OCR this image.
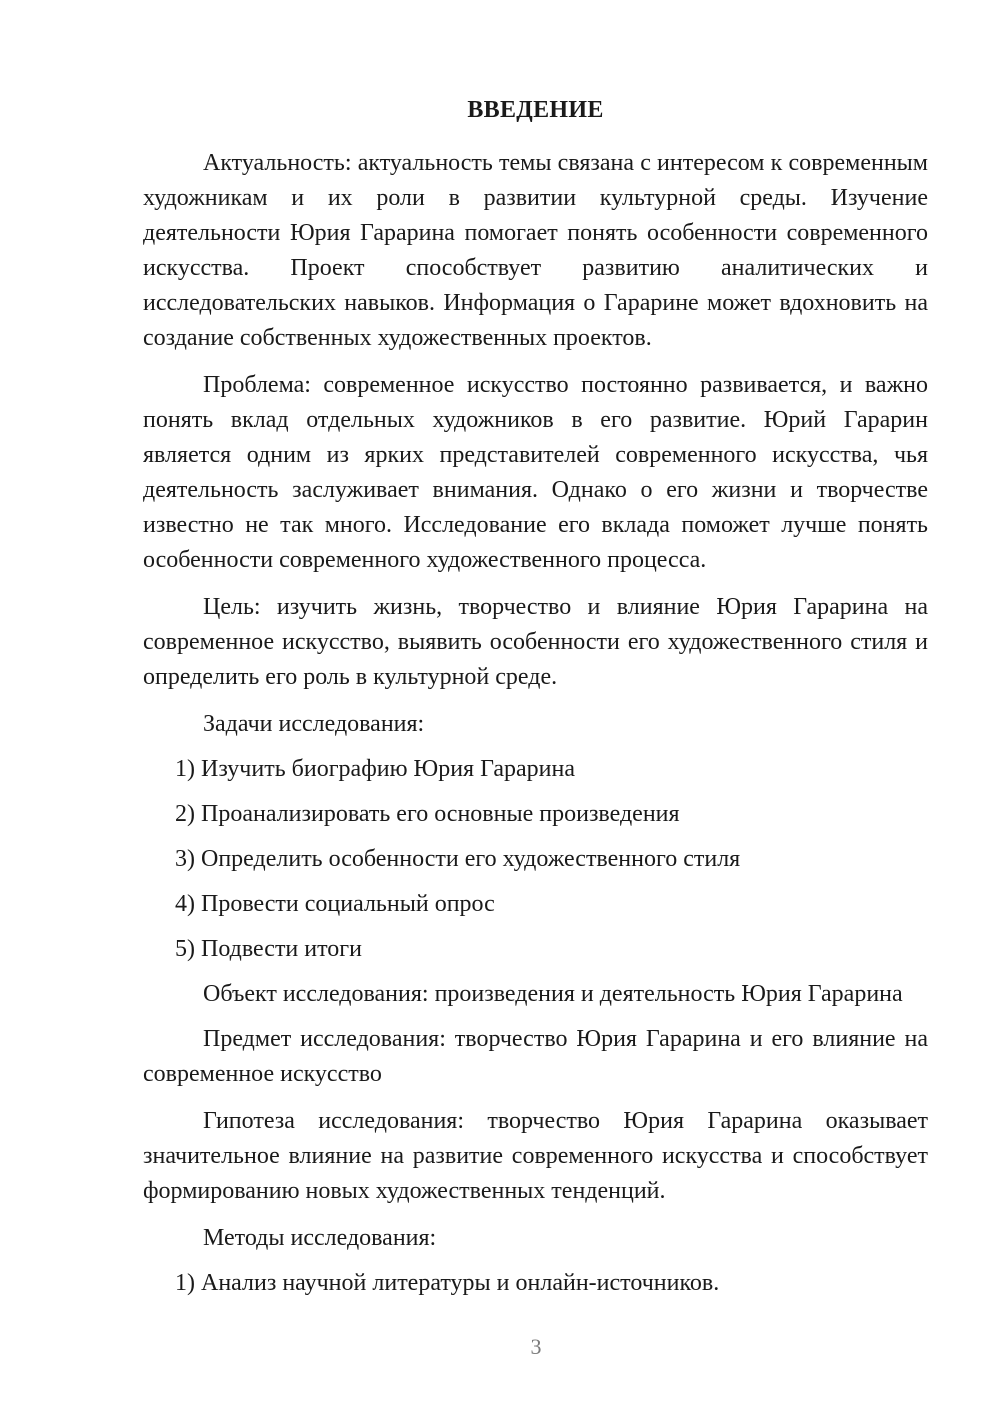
ВВЕДЕНИЕ

Актуальность: актуальность темы связана с интересом к современным художникам и их роли в развитии культурной среды. Изучение деятельности Юрия Гарарина помогает понять особенности современного искусства. Проект способствует развитию аналитических и исследовательских навыков. Информация о Гарарине может вдохновить на создание собственных художественных проектов.

Проблема: современное искусство постоянно развивается, и важно понять вклад отдельных художников в его развитие. Юрий Гарарин является одним из ярких представителей современного искусства, чья деятельность заслуживает внимания. Однако о его жизни и творчестве известно не так много. Исследование его вклада поможет лучше понять особенности современного художественного процесса.

Цель: изучить жизнь, творчество и влияние Юрия Гарарина на современное искусство, выявить особенности его художественного стиля и определить его роль в культурной среде.

Задачи исследования:

1) Изучить биографию Юрия Гарарина

2) Проанализировать его основные произведения

3) Определить особенности его художественного стиля

4) Провести социальный опрос

5) Подвести итоги

Объект исследования: произведения и деятельность Юрия Гарарина

Предмет исследования: творчество Юрия Гарарина и его влияние на современное искусство

Гипотеза исследования: творчество Юрия Гарарина оказывает значительное влияние на развитие современного искусства и способствует формированию новых художественных тенденций.

Методы исследования:

1) Анализ научной литературы и онлайн-источников.

3
